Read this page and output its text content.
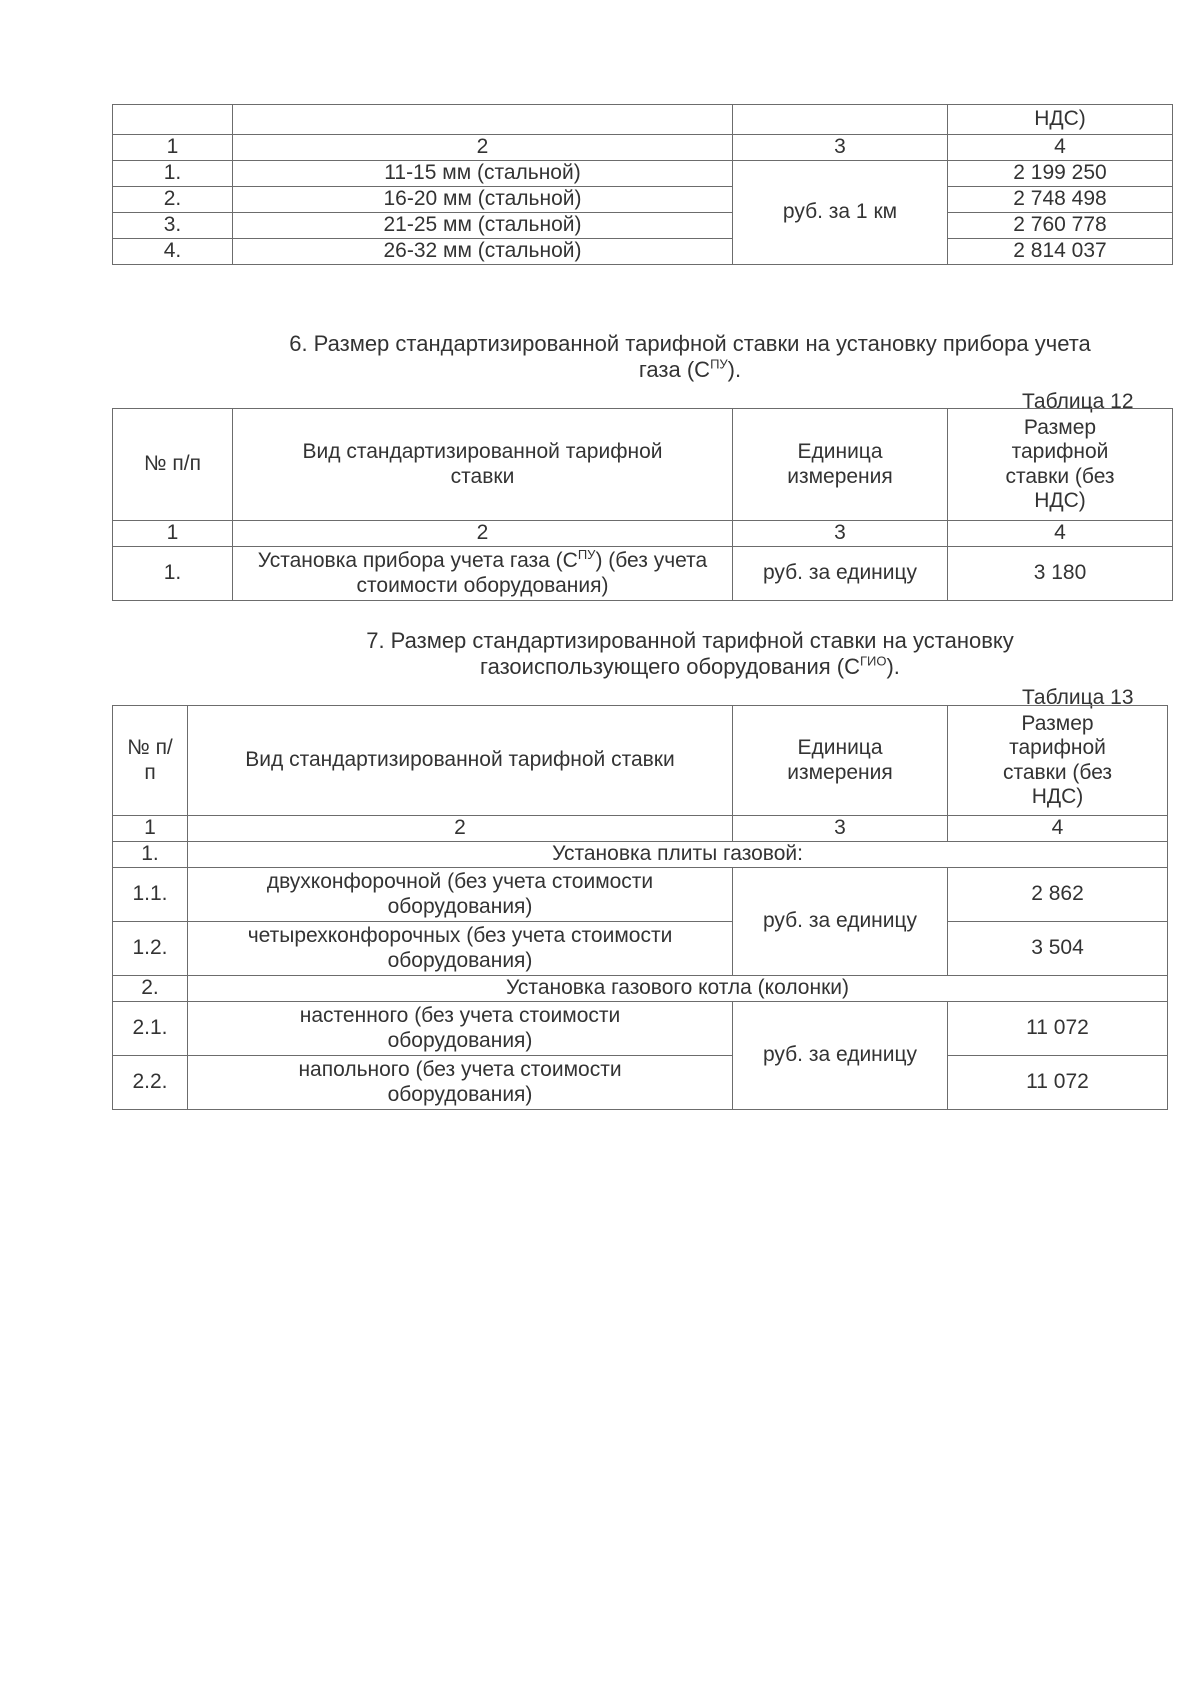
			НДС)
1	2	3	4
1.	11-15 мм (стальной)	руб. за 1 км	2 199 250
2.	16-20 мм (стальной)		2 748 498
3.	21-25 мм (стальной)		2 760 778
4.	26-32 мм (стальной)		2 814 037
6. Размер стандартизированной тарифной ставки на установку прибора учета
газа $(С^{ПУ})$.
Таблица 12
№ п/п	Вид стандартизированной тарифной ставки	Единица измерения	Размер тарифной ставки (без НДС)
1	2	3	4
1.	Установка прибора учета газа $(С^{ПУ})$ (без учета стоимости оборудования)	руб. за единицу	3 180
7. Размер стандартизированной тарифной ставки на установку
газоиспользующего оборудования $(С^{ГИО})$.
Таблица 13
№ п/п	Вид стандартизированной тарифной ставки	Единица измерения	Размер тарифной ставки (без НДС)
1	2	3	4
1.	Установка плиты газовой:		
1.1.	двухконфорочной (без учета стоимости оборудования)	руб. за единицу	2 862
1.2.	четырехконфорочных (без учета стоимости оборудования)		3 504
2.	Установка газового котла (колонки)		
2.1.	настенного (без учета стоимости оборудования)	руб. за единицу	11 072
2.2.	напольного (без учета стоимости оборудования)		11 072
